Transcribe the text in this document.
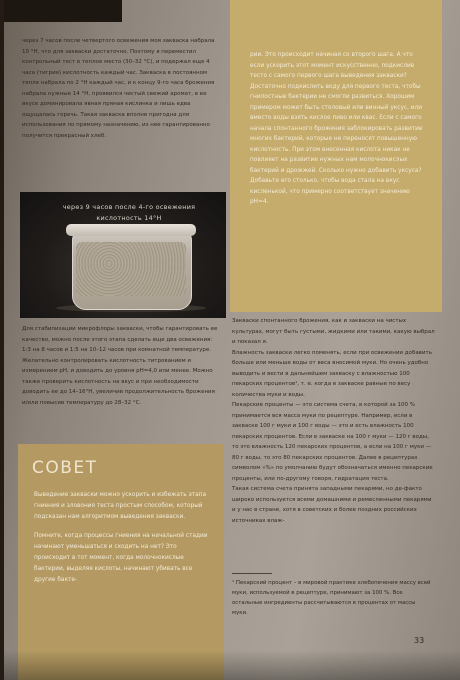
через 7 часов после четвертого освежения моя закваска набрала 10 °Н, что для закваски достаточно. Поэтому я переместил контрольный тест в теплое место (30–32 °С), и подержал еще 4 часа (тигрия) кислотность каждый час. Закваска в постоянном тепле набрала по 2 °Н каждый час, и к концу 9-го часа брожения набрала нужные 14 °Н, проявился чистый свежий аромат, в ее вкусе доминировала явная пряная кислинка и лишь едва ощущалась горечь. Такая закваска вполне пригодна для использования по прямому назначению, из нее гарантированно получится прекрасный хлеб.
через 9 часов после 4-го освежения кислотность 14°Н
Для стабилизации микрофлоры закваски, чтобы гарантировать ее качество, можно после этого этапа сделать еще два освежения: 1:3 на 8 часов и 1:5 на 10–12 часов при комнатной температуре. Желательно контролировать кислотность титрованием и измерением рН, и доводить до уровня рН=4,0 или менее. Можно также проверить кислотность на вкус и при необходимости доводить ее до 14–16°Н, увеличив продолжительность брожения и/или повысив температуру до 28–32 °С.
СОВЕТ

Выведение закваски можно ускорить и избежать этапа гниения и зловония теста простым способом, который подсказан нам алгоритмом выведения закваски.

Помните, когда процессы гниения на начальной стадии начинают уменьшаться и сходить на нет? Это происходит в тот момент, когда молочнокислые бактерии, выделяя кислоты, начинают убивать все другие бакте-

рии. Это происходит начиная со второго шага. А что если ускорить этот момент искусственно, подкислив тесто с самого первого шага выведения закваски? Достаточно подкислить воду для первого теста, чтобы гнилостные бактерии не смогли развиться. Хорошим примером может быть столовый или винный уксус, или вместо воды взять кислое пиво или квас. Если с самого начала спонтанного брожения заблокировать развитие многих бактерий, которые не переносят повышенную кислотность. При этом внесенная кислота никак не повлияет на развитие нужных нам молочнокислых бактерий и дрожжей. Сколько нужно добавить уксуса? Добавьте его столько, чтобы вода стала на вкус кисленькой, что примерно соответствует значению рН=4.
Закваски спонтанного брожения, как и закваски на чистых культурах, могут быть густыми, жидкими или такими, какую выбрал и показал я.
Влажность закваски легко поменять, если при освежении добавить больше или меньше воды от веса вносимой муки. Но очень удобно выводить и вести в дальнейшем закваску с влажностью 100 пекарских процентов¹, т. е. когда в закваске равные по весу количества муки и воды.
Пекарские проценты — это система счета, в которой за 100 % принимается вся масса муки по рецептуре. Например, если в закваске 100 г муки и 100 г воды — это и есть влажность 100 пекарских процентов. Если в закваске на 100 г муки — 120 г воды, то это влажность 120 пекарских процентов, а если на 100 г муки — 80 г воды, то это 80 пекарских процентов. Далее в рецептурах символом «%» по умолчанию будут обозначаться именно пекарские проценты, или по-другому говоря, гидратация теста.
Такая система счета принята западными пекарями, но де-факто широко используется всеми домашними и ремесленными пекарями и у нас в стране, хотя в советских и более поздних российских источниках влаж-
¹ Пекарский процент – в мировой практике хлебопечения массу всей муки, используемой в рецептуре, принимают за 100 %. Все остальные ингредиенты рассчитываются в процентах от массы муки.
33
